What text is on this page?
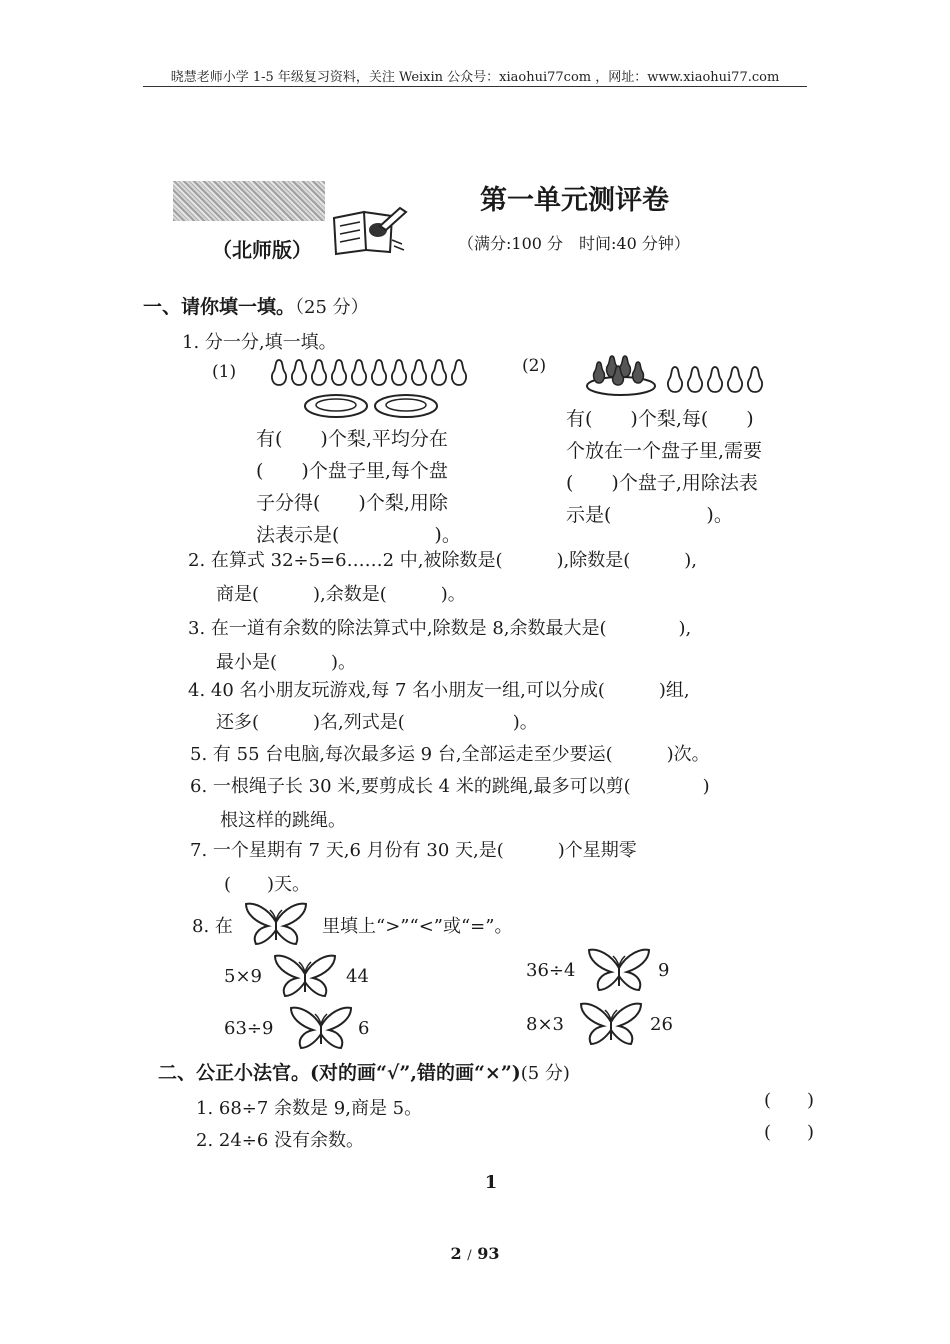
晓慧老师小学 1-5 年级复习资料，关注 Weixin 公众号：xiaohui77com ，网址：www.xiaohui77.com
（北师版）
第一单元测评卷
（满分:100 分　时间:40 分钟）
一、请你填一填。（25 分）
1. 分一分,填一填。
(1)
有(　　)个梨,平均分在
(　　)个盘子里,每个盘
子分得(　　)个梨,用除
法表示是(　　　　　)。
(2)
有(　　)个梨,每(　　)
个放在一个盘子里,需要
(　　)个盘子,用除法表
示是(　　　　　)。
2. 在算式 32÷5=6……2 中,被除数是(　　　),除数是(　　　),
商是(　　　),余数是(　　　)。
3. 在一道有余数的除法算式中,除数是 8,余数最大是(　　　　),
最小是(　　　)。
4. 40 名小朋友玩游戏,每 7 名小朋友一组,可以分成(　　　)组,
还多(　　　)名,列式是(　　　　　　)。
5. 有 55 台电脑,每次最多运 9 台,全部运走至少要运(　　　)次。
6. 一根绳子长 30 米,要剪成长 4 米的跳绳,最多可以剪(　　　　)
根这样的跳绳。
7. 一个星期有 7 天,6 月份有 30 天,是(　　　)个星期零
(　　)天。
8. 在	里填上“>”“<”或“=”。
5×9	44	36÷4	9
63÷9	6	8×3	26
二、公正小法官。(对的画“√”,错的画“×”)(5 分)
1. 68÷7 余数是 9,商是 5。	(　　)
2. 24÷6 没有余数。	(　　)
1
2 / 93
